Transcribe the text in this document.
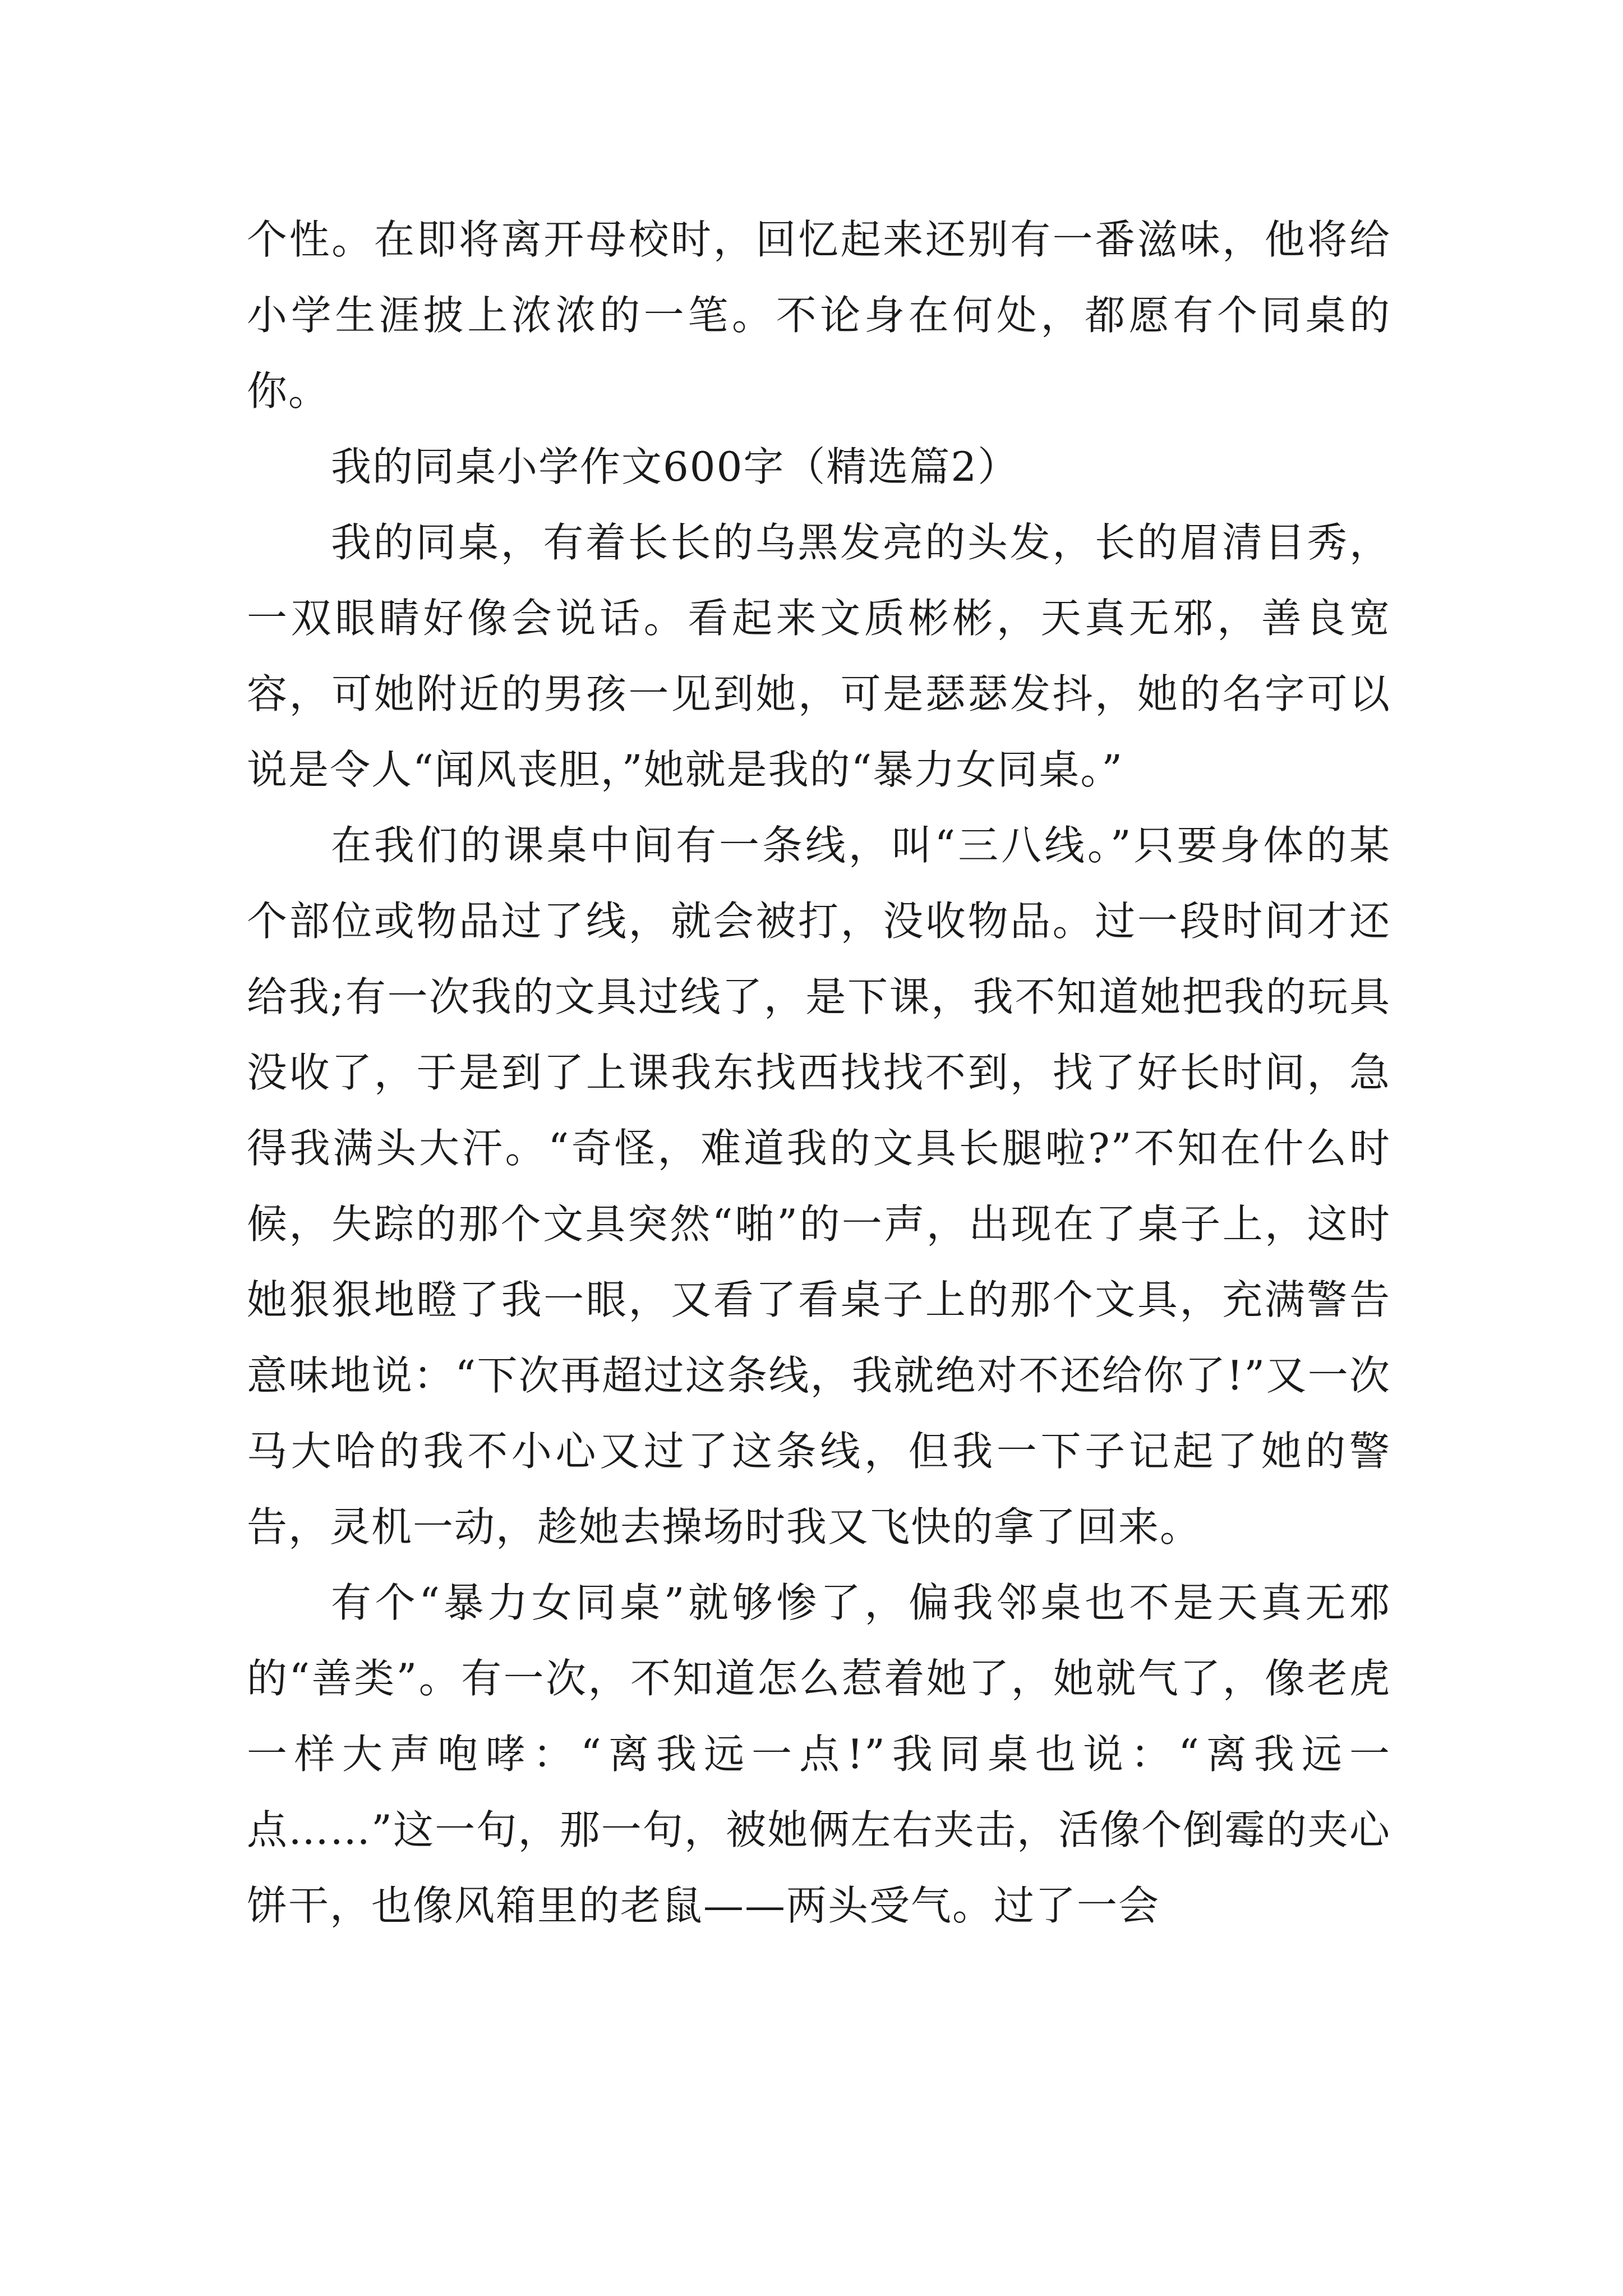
个性。在即将离开母校时，回忆起来还别有一番滋味，他将给小学生涯披上浓浓的一笔。不论身在何处，都愿有个同桌的你。

我的同桌小学作文600字（精选篇2）

我的同桌，有着长长的乌黑发亮的头发，长的眉清目秀，一双眼睛好像会说话。看起来文质彬彬，天真无邪，善良宽容，可她附近的男孩一见到她，可是瑟瑟发抖，她的名字可以说是令人“闻风丧胆，”她就是我的“暴力女同桌。”

在我们的课桌中间有一条线，叫“三八线。”只要身体的某个部位或物品过了线，就会被打，没收物品。过一段时间才还给我;有一次我的文具过线了，是下课，我不知道她把我的玩具没收了，于是到了上课我东找西找找不到，找了好长时间，急得我满头大汗。“奇怪，难道我的文具长腿啦?”不知在什么时候，失踪的那个文具突然“啪”的一声，出现在了桌子上，这时她狠狠地瞪了我一眼，又看了看桌子上的那个文具，充满警告意味地说：“下次再超过这条线，我就绝对不还给你了!”又一次马大哈的我不小心又过了这条线，但我一下子记起了她的警告，灵机一动，趁她去操场时我又飞快的拿了回来。

有个“暴力女同桌”就够惨了，偏我邻桌也不是天真无邪的“善类”。有一次，不知道怎么惹着她了，她就气了，像老虎一样大声咆哮：“离我远一点!”我同桌也说：“离我远一点……”这一句，那一句，被她俩左右夹击，活像个倒霉的夹心饼干，也像风箱里的老鼠——两头受气。过了一会
